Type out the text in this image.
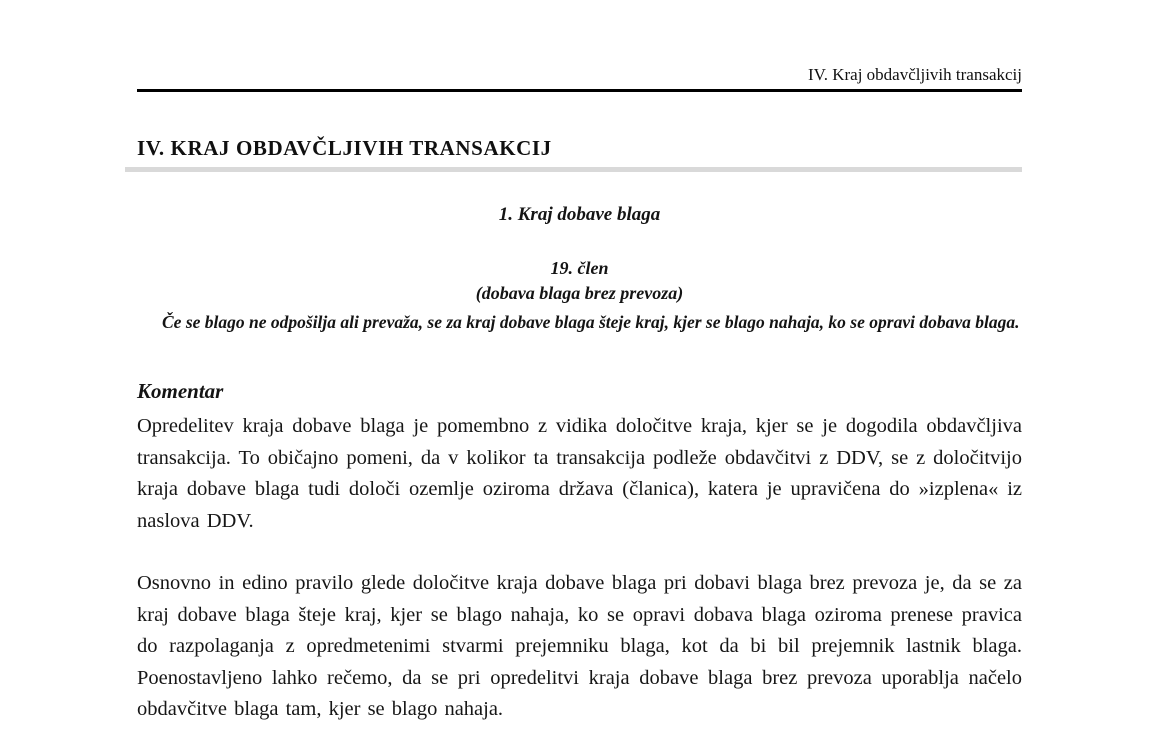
IV. Kraj obdavčljivih transakcij
IV. KRAJ OBDAVČLJIVIH TRANSAKCIJ
1. Kraj dobave blaga
19. člen
(dobava blaga brez prevoza)
Če se blago ne odpošilja ali prevaža, se za kraj dobave blaga šteje kraj, kjer se blago nahaja, ko se opravi dobava blaga.
Komentar

Opredelitev kraja dobave blaga je pomembno z vidika določitve kraja, kjer se je dogodila obdavčljiva transakcija. To običajno pomeni, da v kolikor ta transakcija podleže obdavčitvi z DDV, se z določitvijo kraja dobave blaga tudi določi ozemlje oziroma država (članica), katera je upravičena do »izplena« iz naslova DDV.

Osnovno in edino pravilo glede določitve kraja dobave blaga pri dobavi blaga brez prevoza je, da se za kraj dobave blaga šteje kraj, kjer se blago nahaja, ko se opravi dobava blaga oziroma prenese pravica do razpolaganja z opredmetenimi stvarmi prejemniku blaga, kot da bi bil prejemnik lastnik blaga. Poenostavljeno lahko rečemo, da se pri opredelitvi kraja dobave blaga brez prevoza uporablja načelo obdavčitve blaga tam, kjer se blago nahaja.
